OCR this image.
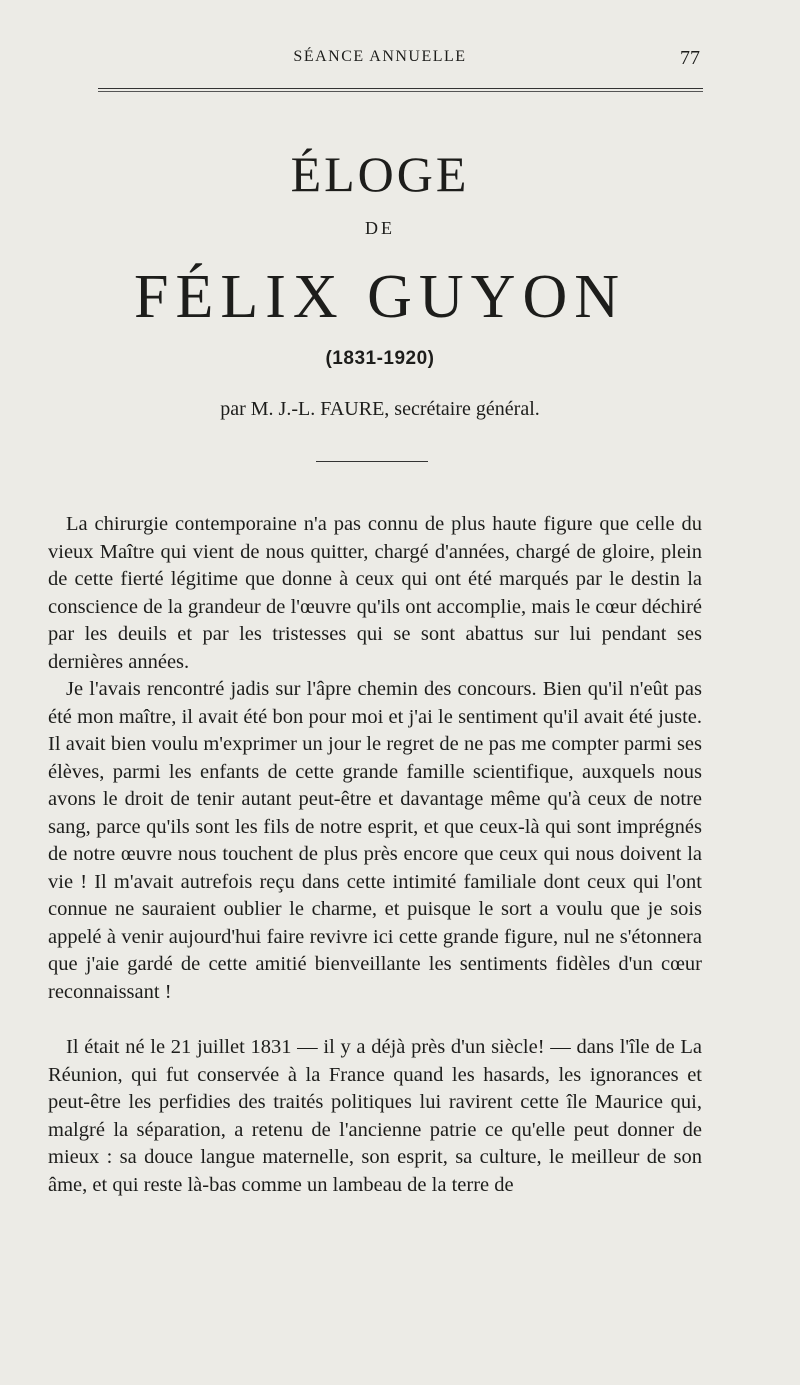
SÉANCE ANNUELLE	77
ÉLOGE
DE
FÉLIX GUYON
(1831-1920)
par M. J.-L. FAURE, secrétaire général.

La chirurgie contemporaine n'a pas connu de plus haute figure que celle du vieux Maître qui vient de nous quitter, chargé d'années, chargé de gloire, plein de cette fierté légitime que donne à ceux qui ont été marqués par le destin la conscience de la grandeur de l'œuvre qu'ils ont accomplie, mais le cœur déchiré par les deuils et par les tristesses qui se sont abattus sur lui pendant ses dernières années.

Je l'avais rencontré jadis sur l'âpre chemin des concours. Bien qu'il n'eût pas été mon maître, il avait été bon pour moi et j'ai le sentiment qu'il avait été juste. Il avait bien voulu m'exprimer un jour le regret de ne pas me compter parmi ses élèves, parmi les enfants de cette grande famille scientifique, auxquels nous avons le droit de tenir autant peut-être et davantage même qu'à ceux de notre sang, parce qu'ils sont les fils de notre esprit, et que ceux-là qui sont imprégnés de notre œuvre nous touchent de plus près encore que ceux qui nous doivent la vie ! Il m'avait autrefois reçu dans cette intimité familiale dont ceux qui l'ont connue ne sauraient oublier le charme, et puisque le sort a voulu que je sois appelé à venir aujourd'hui faire revivre ici cette grande figure, nul ne s'étonnera que j'aie gardé de cette amitié bienveillante les sentiments fidèles d'un cœur reconnaissant !

Il était né le 21 juillet 1831 — il y a déjà près d'un siècle! — dans l'île de La Réunion, qui fut conservée à la France quand les hasards, les ignorances et peut-être les perfidies des traités politiques lui ravirent cette île Maurice qui, malgré la séparation, a retenu de l'ancienne patrie ce qu'elle peut donner de mieux : sa douce langue maternelle, son esprit, sa culture, le meilleur de son âme, et qui reste là-bas comme un lambeau de la terre de
